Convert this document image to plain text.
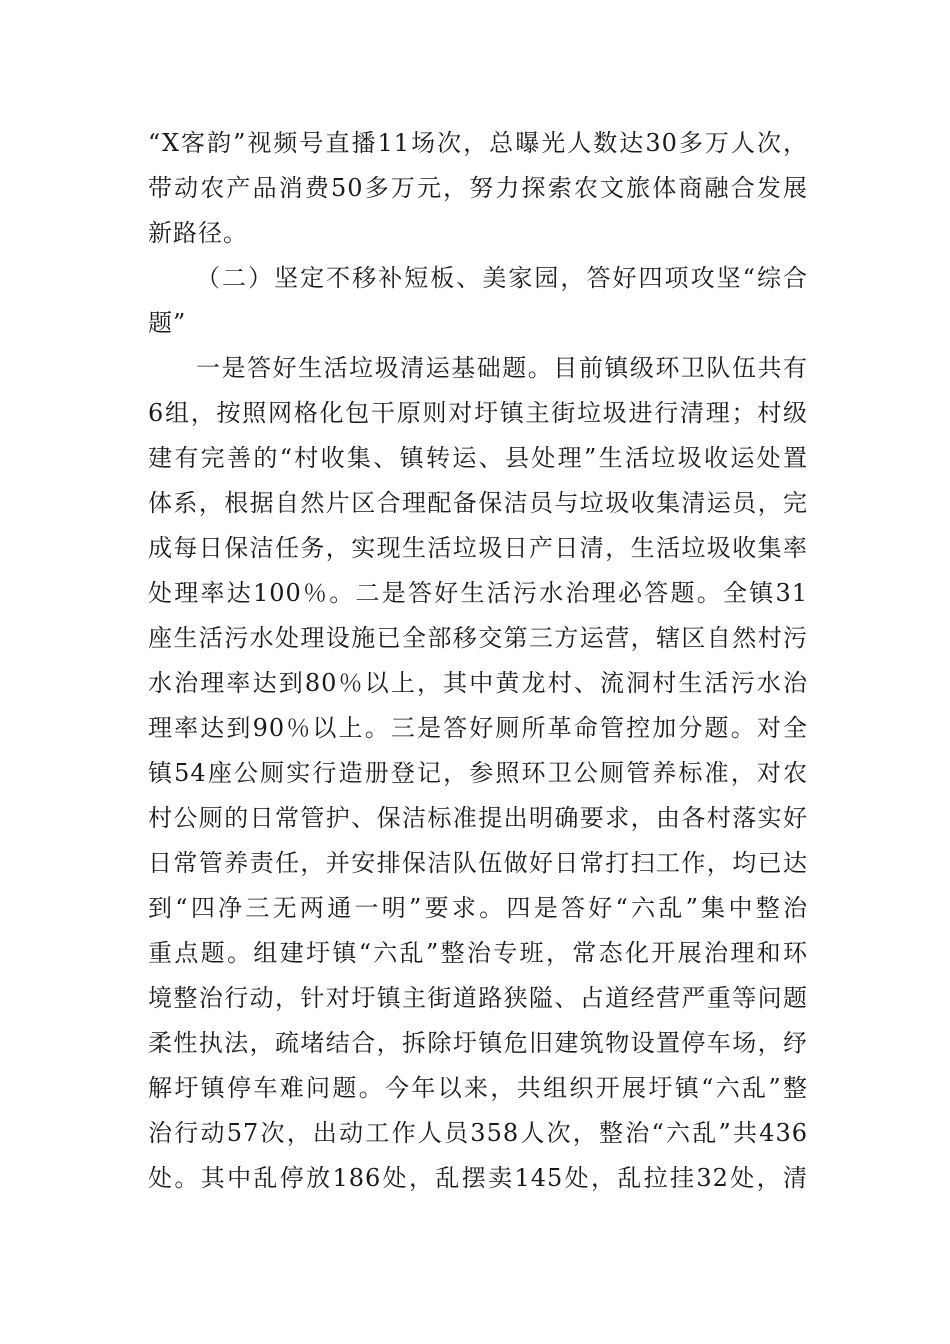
“X客韵”视频号直播11场次，总曝光人数达30多万人次，
带动农产品消费50多万元，努力探索农文旅体商融合发展
新路径。
（二）坚定不移补短板、美家园，答好四项攻坚“综合
题”
一是答好生活垃圾清运基础题。目前镇级环卫队伍共有
6组，按照网格化包干原则对圩镇主街垃圾进行清理；村级
建有完善的“村收集、镇转运、县处理”生活垃圾收运处置
体系，根据自然片区合理配备保洁员与垃圾收集清运员，完
成每日保洁任务，实现生活垃圾日产日清，生活垃圾收集率
处理率达100％。二是答好生活污水治理必答题。全镇31
座生活污水处理设施已全部移交第三方运营，辖区自然村污
水治理率达到80％以上，其中黄龙村、流洞村生活污水治
理率达到90％以上。三是答好厕所革命管控加分题。对全
镇54座公厕实行造册登记，参照环卫公厕管养标准，对农
村公厕的日常管护、保洁标准提出明确要求，由各村落实好
日常管养责任，并安排保洁队伍做好日常打扫工作，均已达
到“四净三无两通一明”要求。四是答好“六乱”集中整治
重点题。组建圩镇“六乱”整治专班，常态化开展治理和环
境整治行动，针对圩镇主街道路狭隘、占道经营严重等问题
柔性执法，疏堵结合，拆除圩镇危旧建筑物设置停车场，纾
解圩镇停车难问题。今年以来，共组织开展圩镇“六乱”整
治行动57次，出动工作人员358人次，整治“六乱”共436
处。其中乱停放186处，乱摆卖145处，乱拉挂32处，清
